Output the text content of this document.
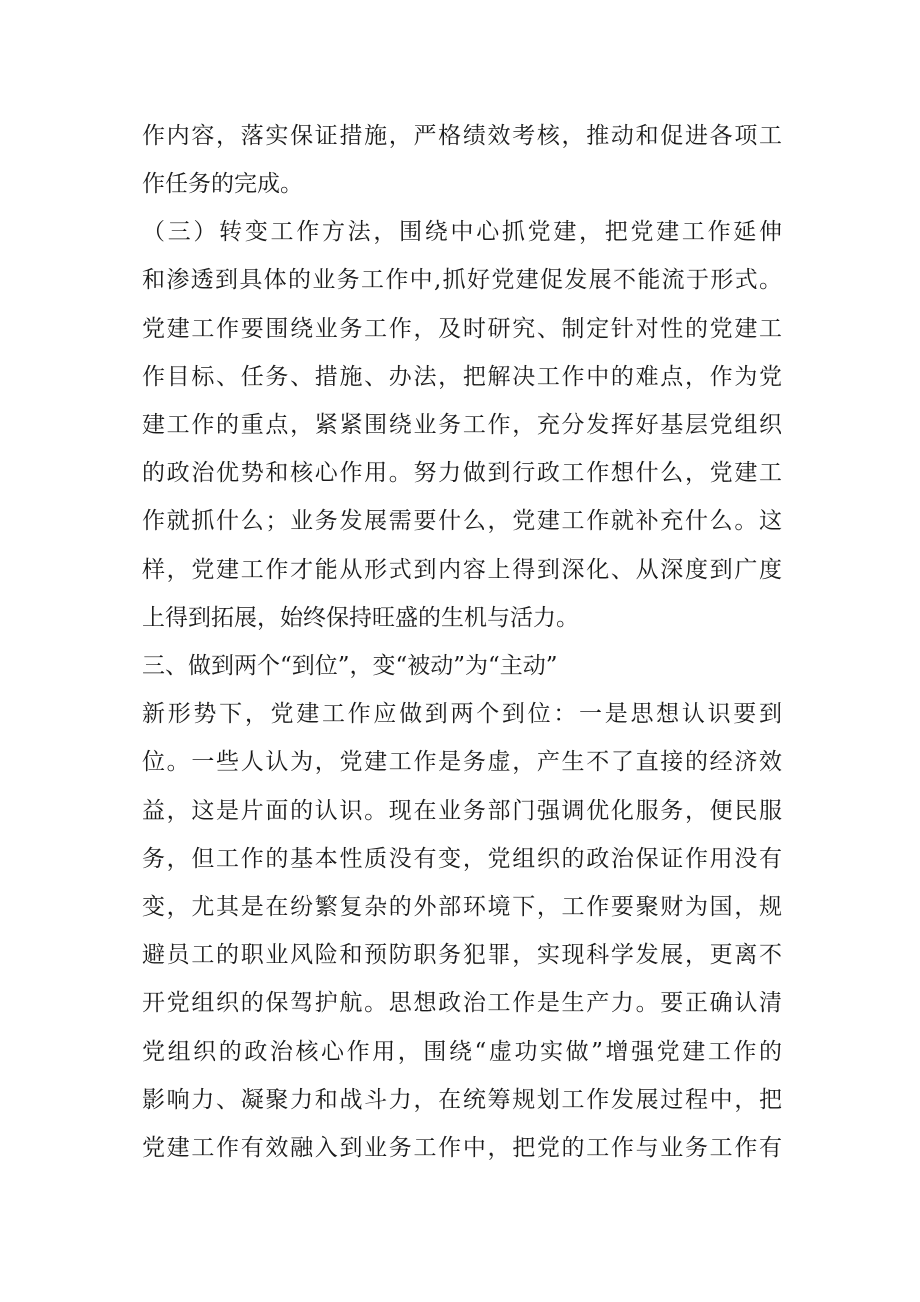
作内容，落实保证措施，严格绩效考核，推动和促进各项工
作任务的完成。
（三）转变工作方法，围绕中心抓党建，把党建工作延伸
和渗透到具体的业务工作中,抓好党建促发展不能流于形式。
党建工作要围绕业务工作，及时研究、制定针对性的党建工
作目标、任务、措施、办法，把解决工作中的难点，作为党
建工作的重点，紧紧围绕业务工作，充分发挥好基层党组织
的政治优势和核心作用。努力做到行政工作想什么，党建工
作就抓什么；业务发展需要什么，党建工作就补充什么。这
样，党建工作才能从形式到内容上得到深化、从深度到广度
上得到拓展，始终保持旺盛的生机与活力。
三、做到两个“到位”，变“被动”为“主动”
新形势下，党建工作应做到两个到位：一是思想认识要到
位。一些人认为，党建工作是务虚，产生不了直接的经济效
益，这是片面的认识。现在业务部门强调优化服务，便民服
务，但工作的基本性质没有变，党组织的政治保证作用没有
变，尤其是在纷繁复杂的外部环境下，工作要聚财为国，规
避员工的职业风险和预防职务犯罪，实现科学发展，更离不
开党组织的保驾护航。思想政治工作是生产力。要正确认清
党组织的政治核心作用，围绕“虚功实做”增强党建工作的
影响力、凝聚力和战斗力，在统筹规划工作发展过程中，把
党建工作有效融入到业务工作中，把党的工作与业务工作有
